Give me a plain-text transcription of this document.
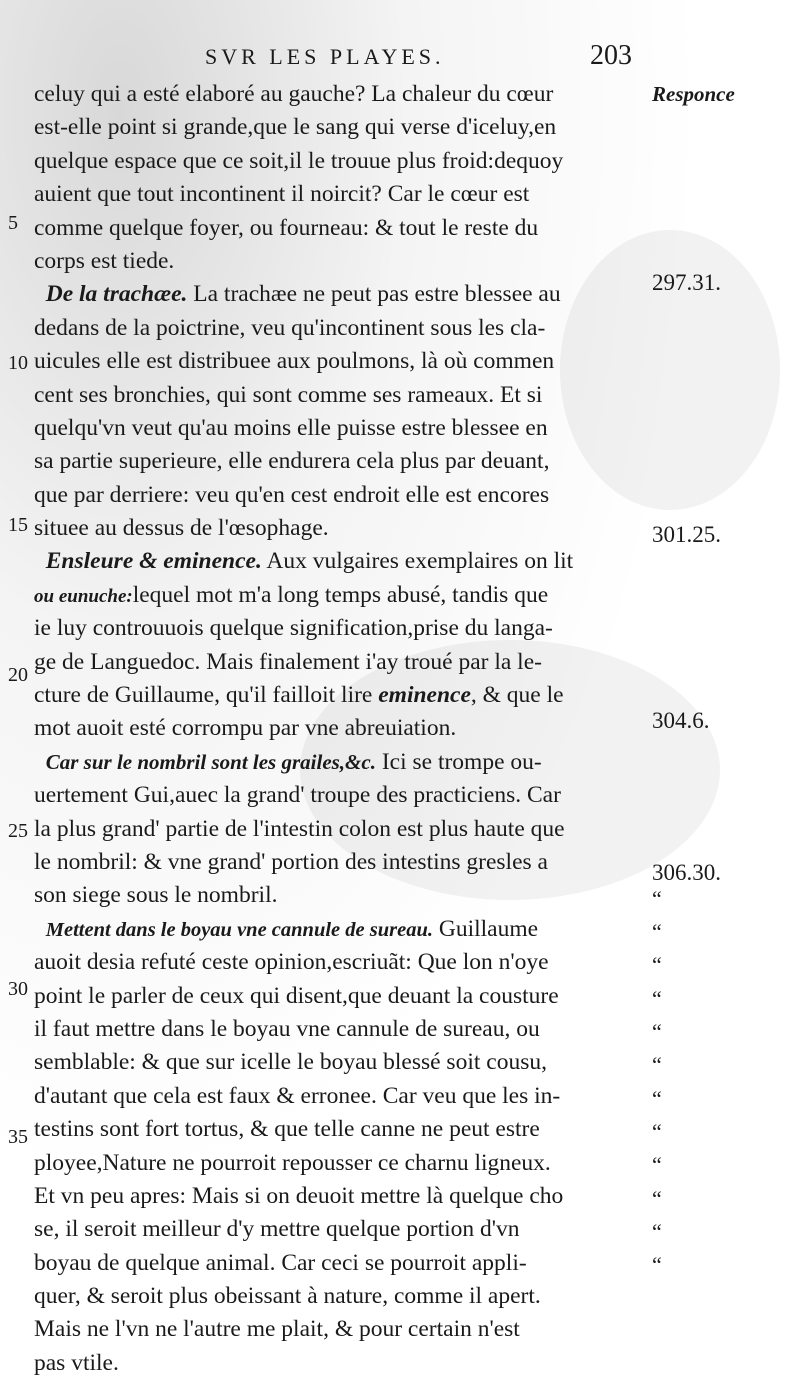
SVR LES PLAYES.	203
celuy qui a esté elaboré au gauche? La chaleur du cœur
est-elle point si grande,que le sang qui verse d'iceluy,en
quelque espace que ce soit,il le trouue plus froid:dequoy
auient que tout incontinent il noircit? Car le cœur est
comme quelque foyer, ou fourneau: & tout le reste du
corps est tiede.
De la trachæe. La trachæe ne peut pas estre blessee au
dedans de la poictrine, veu qu'incontinent sous les cla-
uicules elle est distribuee aux poulmons, là où commen
cent ses bronchies, qui sont comme ses rameaux. Et si
quelqu'vn veut qu'au moins elle puisse estre blessee en
sa partie superieure, elle endurera cela plus par deuant,
que par derriere: veu qu'en cest endroit elle est encores
situee au dessus de l'œsophage.
Ensleure & eminence. Aux vulgaires exemplaires on lit
ou eunuche:lequel mot m'a long temps abusé, tandis que
ie luy controuuois quelque signification,prise du langa-
ge de Languedoc. Mais finalement i'ay troué par la le-
cture de Guillaume, qu'il failloit lire eminence, & que le
mot auoit esté corrompu par vne abreuiation.
Car sur le nombril sont les grailes,&c. Ici se trompe ou-
uertement Gui,auec la grand' troupe des practiciens. Car
la plus grand' partie de l'intestin colon est plus haute que
le nombril: & vne grand' portion des intestins gresles a
son siege sous le nombril.
Mettent dans le boyau vne cannule de sureau. Guillaume
auoit desia refuté ceste opinion,escriuãt: Que lon n'oye
point le parler de ceux qui disent,que deuant la cousture
il faut mettre dans le boyau vne cannule de sureau, ou
semblable: & que sur icelle le boyau blessé soit cousu,
d'autant que cela est faux & erronee. Car veu que les in-
testins sont fort tortus, & que telle canne ne peut estre
ployee,Nature ne pourroit repousser ce charnu ligneux.
Et vn peu apres: Mais si on deuoit mettre là quelque cho
se, il seroit meilleur d'y mettre quelque portion d'vn
boyau de quelque animal. Car ceci se pourroit appli-
quer, & seroit plus obeissant à nature, comme il apert.
Mais ne l'vn ne l'autre me plait, & pour certain n'est
pas vtile.
5
10
15
20
25
30
35
Responce
297.31.
301.25.
304.6.
306.30.
“
“
“
“
“
“
“
“
“
“
“
“
